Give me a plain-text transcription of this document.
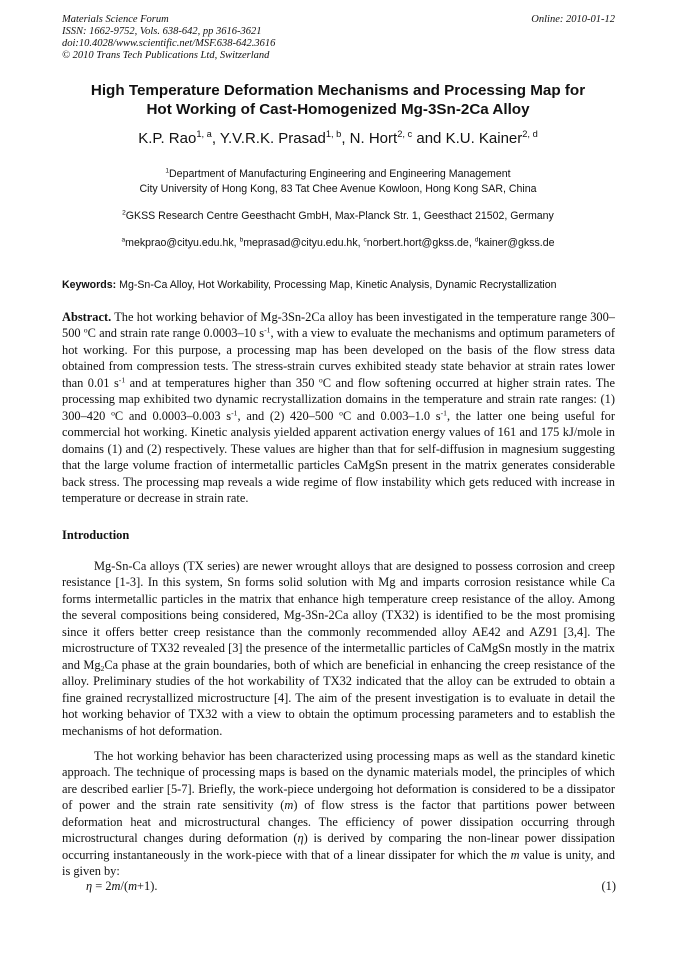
Materials Science Forum
ISSN: 1662-9752, Vols. 638-642, pp 3616-3621
doi:10.4028/www.scientific.net/MSF.638-642.3616
© 2010 Trans Tech Publications Ltd, Switzerland
Online: 2010-01-12
High Temperature Deformation Mechanisms and Processing Map for
Hot Working of Cast-Homogenized Mg-3Sn-2Ca Alloy
K.P. Rao$^{1, a}$, Y.V.R.K. Prasad$^{1, b}$, N. Hort$^{2, c}$ and K.U. Kainer$^{2, d}$
$^1$Department of Manufacturing Engineering and Engineering Management
City University of Hong Kong, 83 Tat Chee Avenue Kowloon, Hong Kong SAR, China
$^2$GKSS Research Centre Geesthacht GmbH, Max-Planck Str. 1, Geesthact 21502, Germany
$^a$mekprao@cityu.edu.hk, $^b$meprasad@cityu.edu.hk, $^c$norbert.hort@gkss.de, $^d$kainer@gkss.de
Keywords: Mg-Sn-Ca Alloy, Hot Workability, Processing Map, Kinetic Analysis, Dynamic Recrystallization
Abstract. The hot working behavior of Mg-3Sn-2Ca alloy has been investigated in the temperature range 300–500 $^o$C and strain rate range 0.0003–10 $s^{-1}$, with a view to evaluate the mechanisms and optimum parameters of hot working. For this purpose, a processing map has been developed on the basis of the flow stress data obtained from compression tests. The stress-strain curves exhibited steady state behavior at strain rates lower than 0.01 $s^{-1}$ and at temperatures higher than 350 $^o$C and flow softening occurred at higher strain rates. The processing map exhibited two dynamic recrystallization domains in the temperature and strain rate ranges: (1) 300–420 $^o$C and 0.0003–0.003 $s^{-1}$, and (2) 420–500 $^o$C and 0.003–1.0 $s^{-1}$, the latter one being useful for commercial hot working. Kinetic analysis yielded apparent activation energy values of 161 and 175 kJ/mole in domains (1) and (2) respectively. These values are higher than that for self-diffusion in magnesium suggesting that the large volume fraction of intermetallic particles CaMgSn present in the matrix generates considerable back stress. The processing map reveals a wide regime of flow instability which gets reduced with increase in temperature or decrease in strain rate.
Introduction
Mg-Sn-Ca alloys (TX series) are newer wrought alloys that are designed to possess corrosion and creep resistance [1-3]. In this system, Sn forms solid solution with Mg and imparts corrosion resistance while Ca forms intermetallic particles in the matrix that enhance high temperature creep resistance of the alloy. Among the several compositions being considered, Mg-3Sn-2Ca alloy (TX32) is identified to be the most promising since it offers better creep resistance than the commonly recommended alloy AE42 and AZ91 [3,4]. The microstructure of TX32 revealed [3] the presence of the intermetallic particles of CaMgSn mostly in the matrix and $Mg_2Ca$ phase at the grain boundaries, both of which are beneficial in enhancing the creep resistance of the alloy. Preliminary studies of the hot workability of TX32 indicated that the alloy can be extruded to obtain a fine grained recrystallized microstructure [4]. The aim of the present investigation is to evaluate in detail the hot working behavior of TX32 with a view to obtain the optimum processing parameters and to establish the mechanisms of hot deformation.
The hot working behavior has been characterized using processing maps as well as the standard kinetic approach. The technique of processing maps is based on the dynamic materials model, the principles of which are described earlier [5-7]. Briefly, the work-piece undergoing hot deformation is considered to be a dissipator of power and the strain rate sensitivity (m) of flow stress is the factor that partitions power between deformation heat and microstructural changes. The efficiency of power dissipation occurring through microstructural changes during deformation (η) is derived by comparing the non-linear power dissipation occurring instantaneously in the work-piece with that of a linear dissipater for which the m value is unity, and is given by:
η = 2m/(m+1).	(1)
